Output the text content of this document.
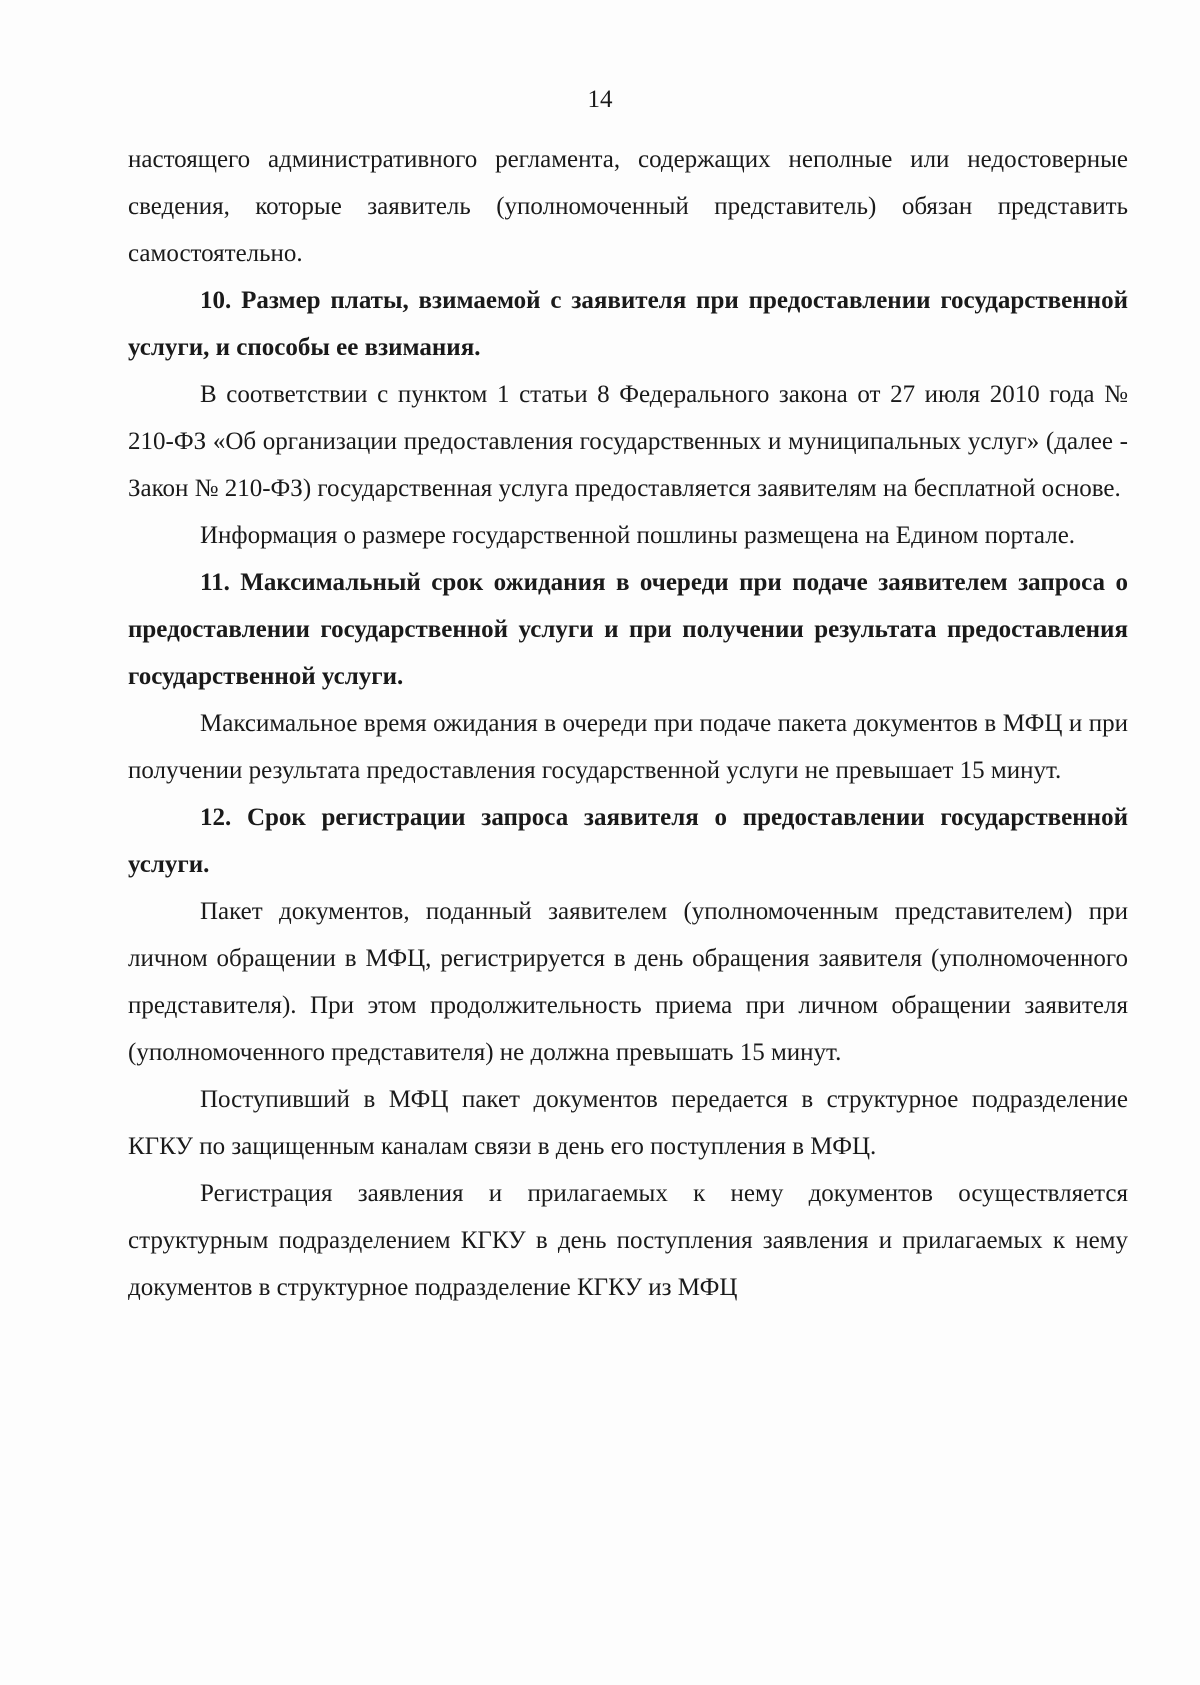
14

настоящего административного регламента, содержащих неполные или недостоверные сведения, которые заявитель (уполномоченный представитель) обязан представить самостоятельно.

10. Размер платы, взимаемой с заявителя при предоставлении государственной услуги, и способы ее взимания.

В соответствии с пунктом 1 статьи 8 Федерального закона от 27 июля 2010 года № 210-ФЗ «Об организации предоставления государственных и муниципальных услуг» (далее - Закон № 210-ФЗ) государственная услуга предоставляется заявителям на бесплатной основе.

Информация о размере государственной пошлины размещена на Едином портале.

11. Максимальный срок ожидания в очереди при подаче заявителем запроса о предоставлении государственной услуги и при получении результата предоставления государственной услуги.

Максимальное время ожидания в очереди при подаче пакета документов в МФЦ и при получении результата предоставления государственной услуги не превышает 15 минут.

12. Срок регистрации запроса заявителя о предоставлении государственной услуги.

Пакет документов, поданный заявителем (уполномоченным представителем) при личном обращении в МФЦ, регистрируется в день обращения заявителя (уполномоченного представителя). При этом продолжительность приема при личном обращении заявителя (уполномоченного представителя) не должна превышать 15 минут.

Поступивший в МФЦ пакет документов передается в структурное подразделение КГКУ по защищенным каналам связи в день его поступления в МФЦ.

Регистрация заявления и прилагаемых к нему документов осуществляется структурным подразделением КГКУ в день поступления заявления и прилагаемых к нему документов в структурное подразделение КГКУ из МФЦ
